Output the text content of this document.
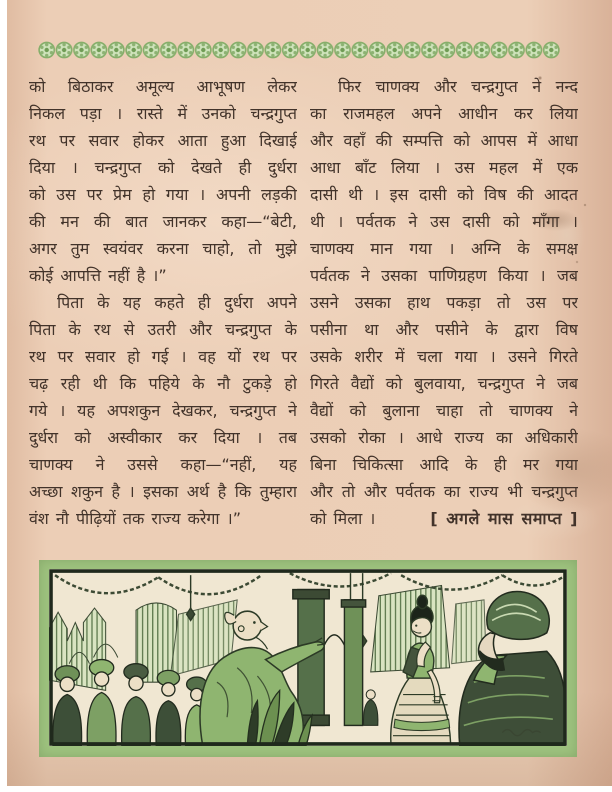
को बिठाकर अमूल्य आभूषण लेकर
निकल पड़ा । रास्ते में उनको चन्द्रगुप्त
रथ पर सवार होकर आता हुआ दिखाई
दिया । चन्द्रगुप्त को देखते ही दुर्धरा
को उस पर प्रेम हो गया । अपनी लड़की
की मन की बात जानकर कहा—“बेटी,
अगर तुम स्वयंवर करना चाहो, तो मुझे
कोई आपत्ति नहीं है ।”
पिता के यह कहते ही दुर्धरा अपने
पिता के रथ से उतरी और चन्द्रगुप्त के
रथ पर सवार हो गई । वह यों रथ पर
चढ़ रही थी कि पहिये के नौ टुकड़े हो
गये । यह अपशकुन देखकर, चन्द्रगुप्त ने
दुर्धरा को अस्वीकार कर दिया । तब
चाणक्य ने उससे कहा—“नहीं, यह
अच्छा शकुन है । इसका अर्थ है कि तुम्हारा
वंश नौ पीढ़ियों तक राज्य करेगा ।”
फिर चाणक्य और चन्द्रगुप्त ने नन्द
का राजमहल अपने आधीन कर लिया
और वहाँ की सम्पत्ति को आपस में आधा
आधा बाँट लिया । उस महल में एक
दासी थी । इस दासी को विष की आदत
थी । पर्वतक ने उस दासी को माँगा ।
चाणक्य मान गया । अग्नि के समक्ष
पर्वतक ने उसका पाणिग्रहण किया । जब
उसने उसका हाथ पकड़ा तो उस पर
पसीना था और पसीने के द्वारा विष
उसके शरीर में चला गया । उसने गिरते
गिरते वैद्यों को बुलवाया, चन्द्रगुप्त ने जब
वैद्यों को बुलाना चाहा तो चाणक्य ने
उसको रोका । आधे राज्य का अधिकारी
बिना चिकित्सा आदि के ही मर गया
और तो और पर्वतक का राज्य भी चन्द्रगुप्त
को मिला ।	[ अगले मास समाप्त ]
